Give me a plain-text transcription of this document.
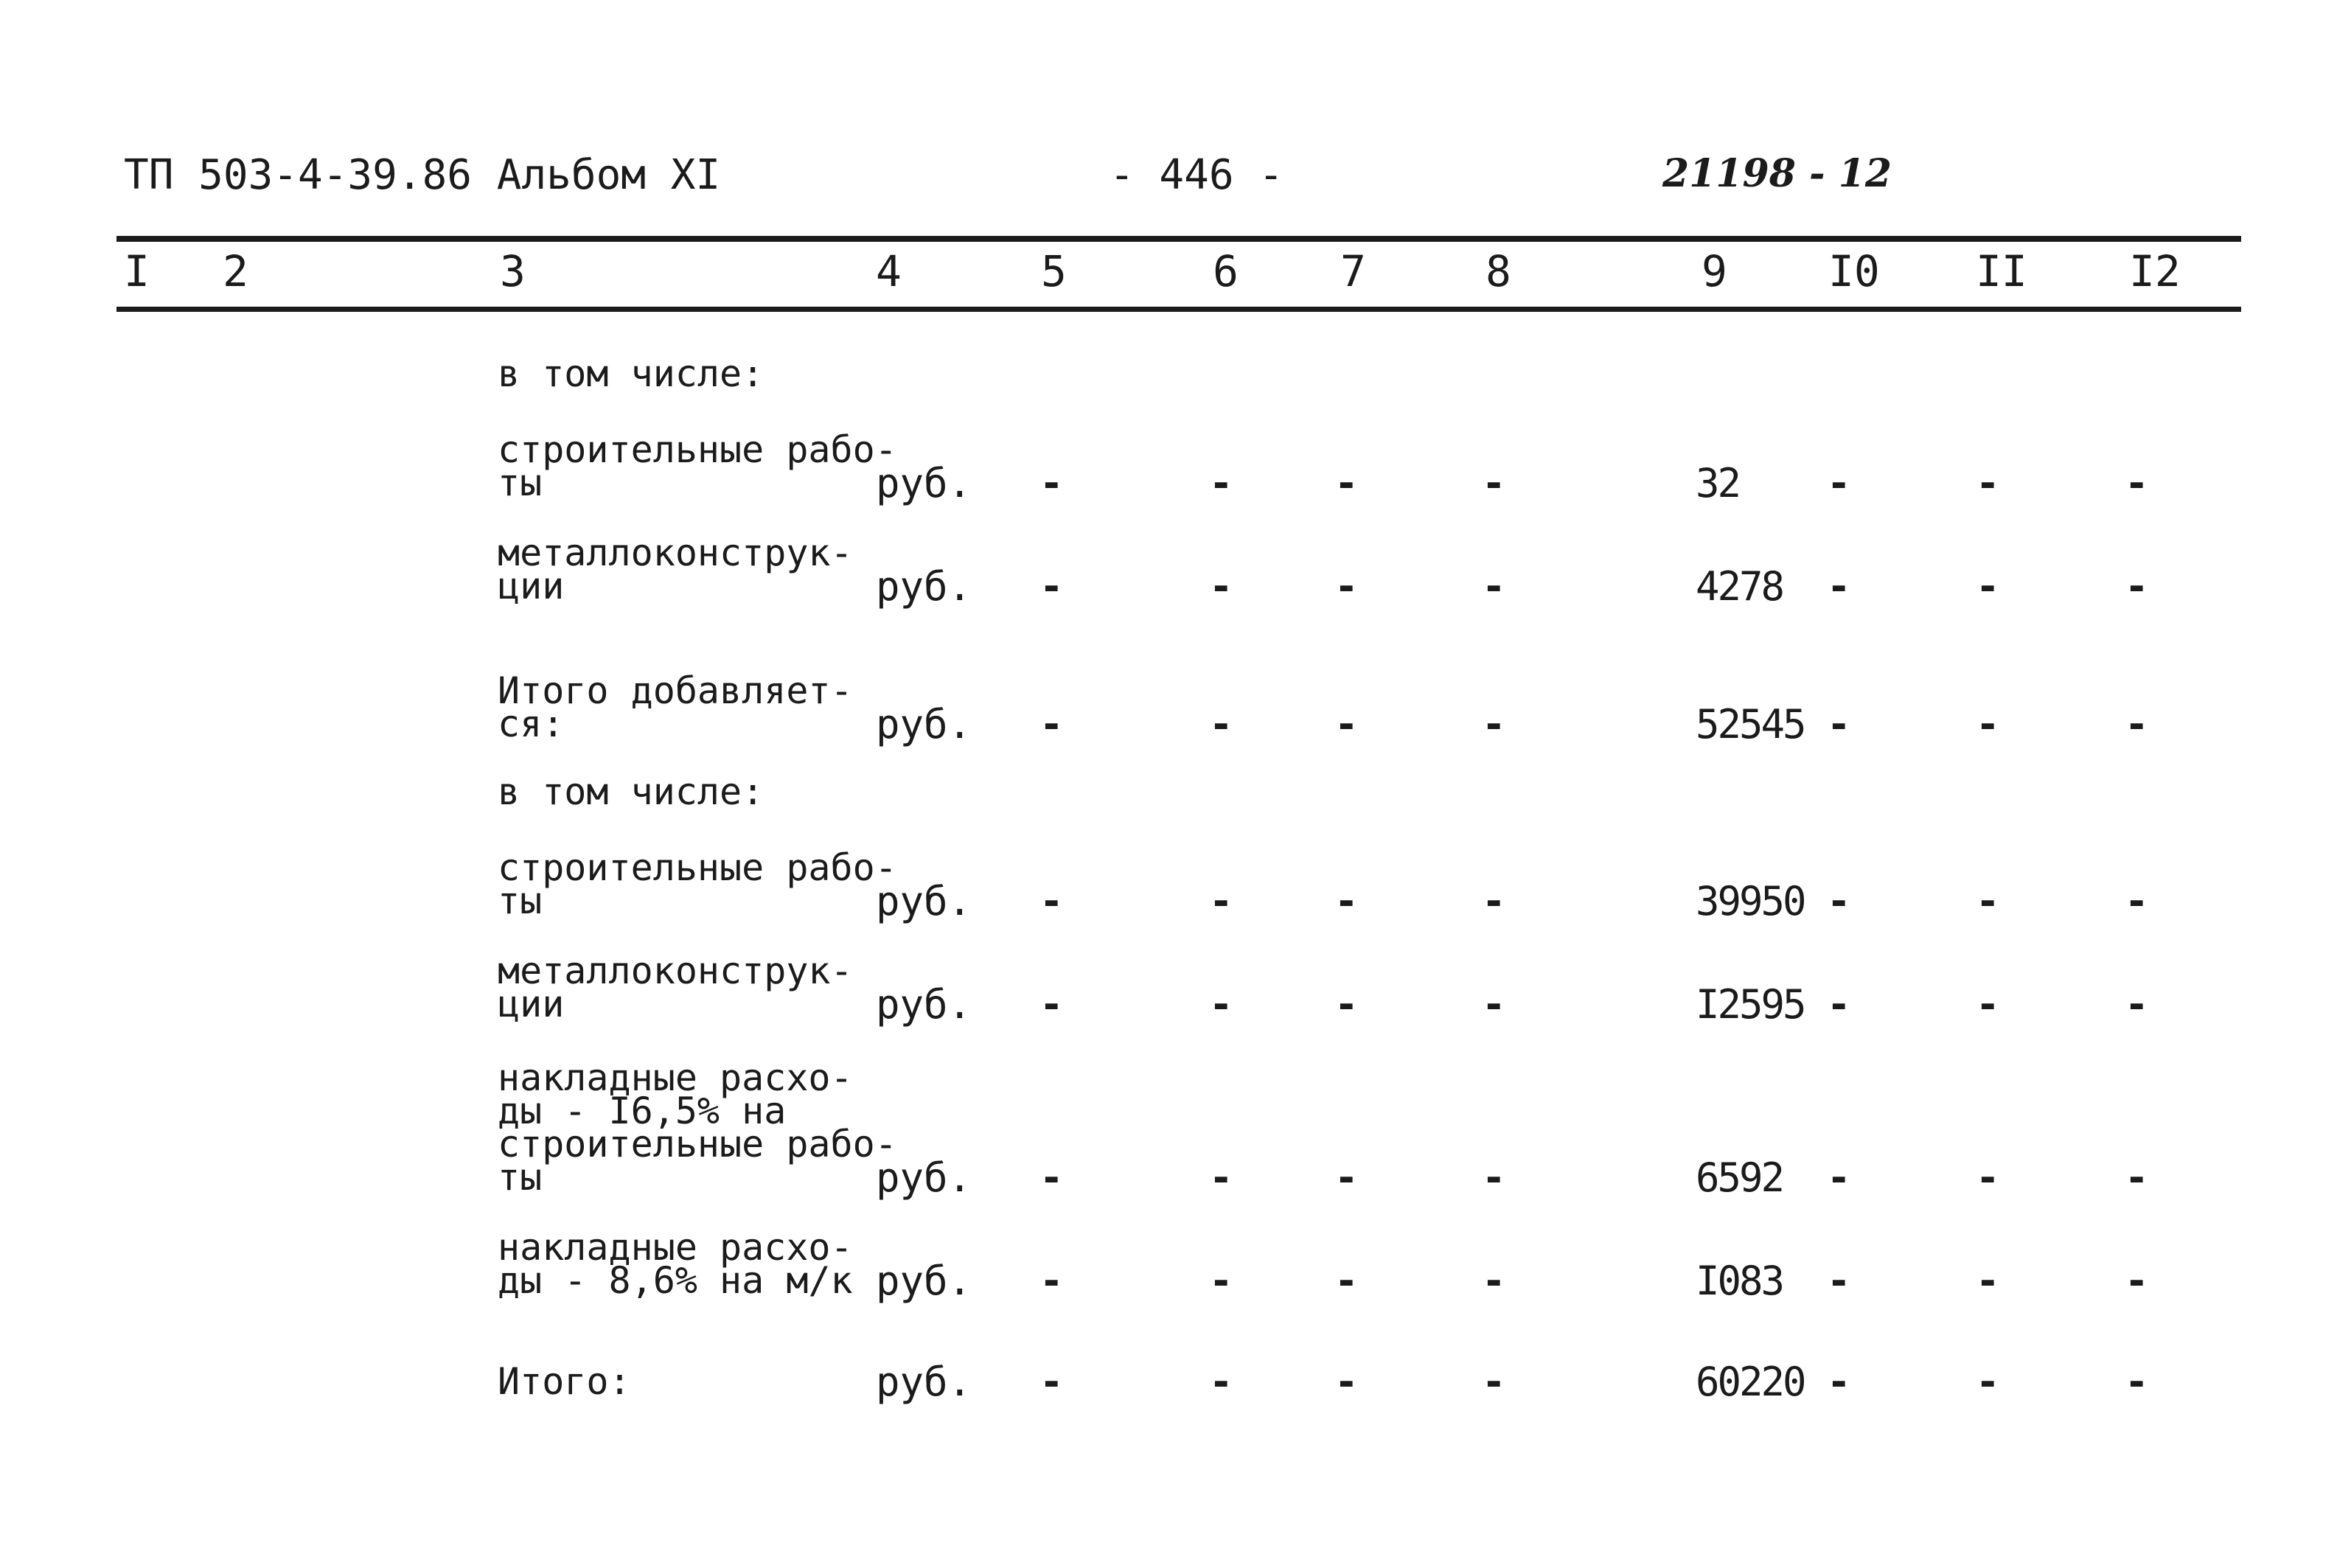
ТП 503-4-39.86 Альбом XI	- 446 -	21198 - 12
I 2	3	4	5	6 7	8	9 I0 II I2
в том числе:
строительные рабо-
ты	руб. -	-	-	-	32 -	-	-
металлоконструк-
ции	руб. -	-	-	-	4278 -	-	-
Итого добавляет-
ся:	руб. -	-	-	-	52545 -	-	-
в том числе:
строительные рабо-
ты	руб. -	-	-	-	39950 -	-	-
металлоконструк-
ции	руб. -	-	-	-	I2595 -	-	-
накладные расхо-
ды - I6,5% на
строительные рабо-
ты	руб. -	-	-	-	6592 -	-	-
накладные расхо-
ды - 8,6% на м/к руб. -	-	-	-	I083 -	-	-
Итого:	руб. -	-	-	-	60220 -	-	-
